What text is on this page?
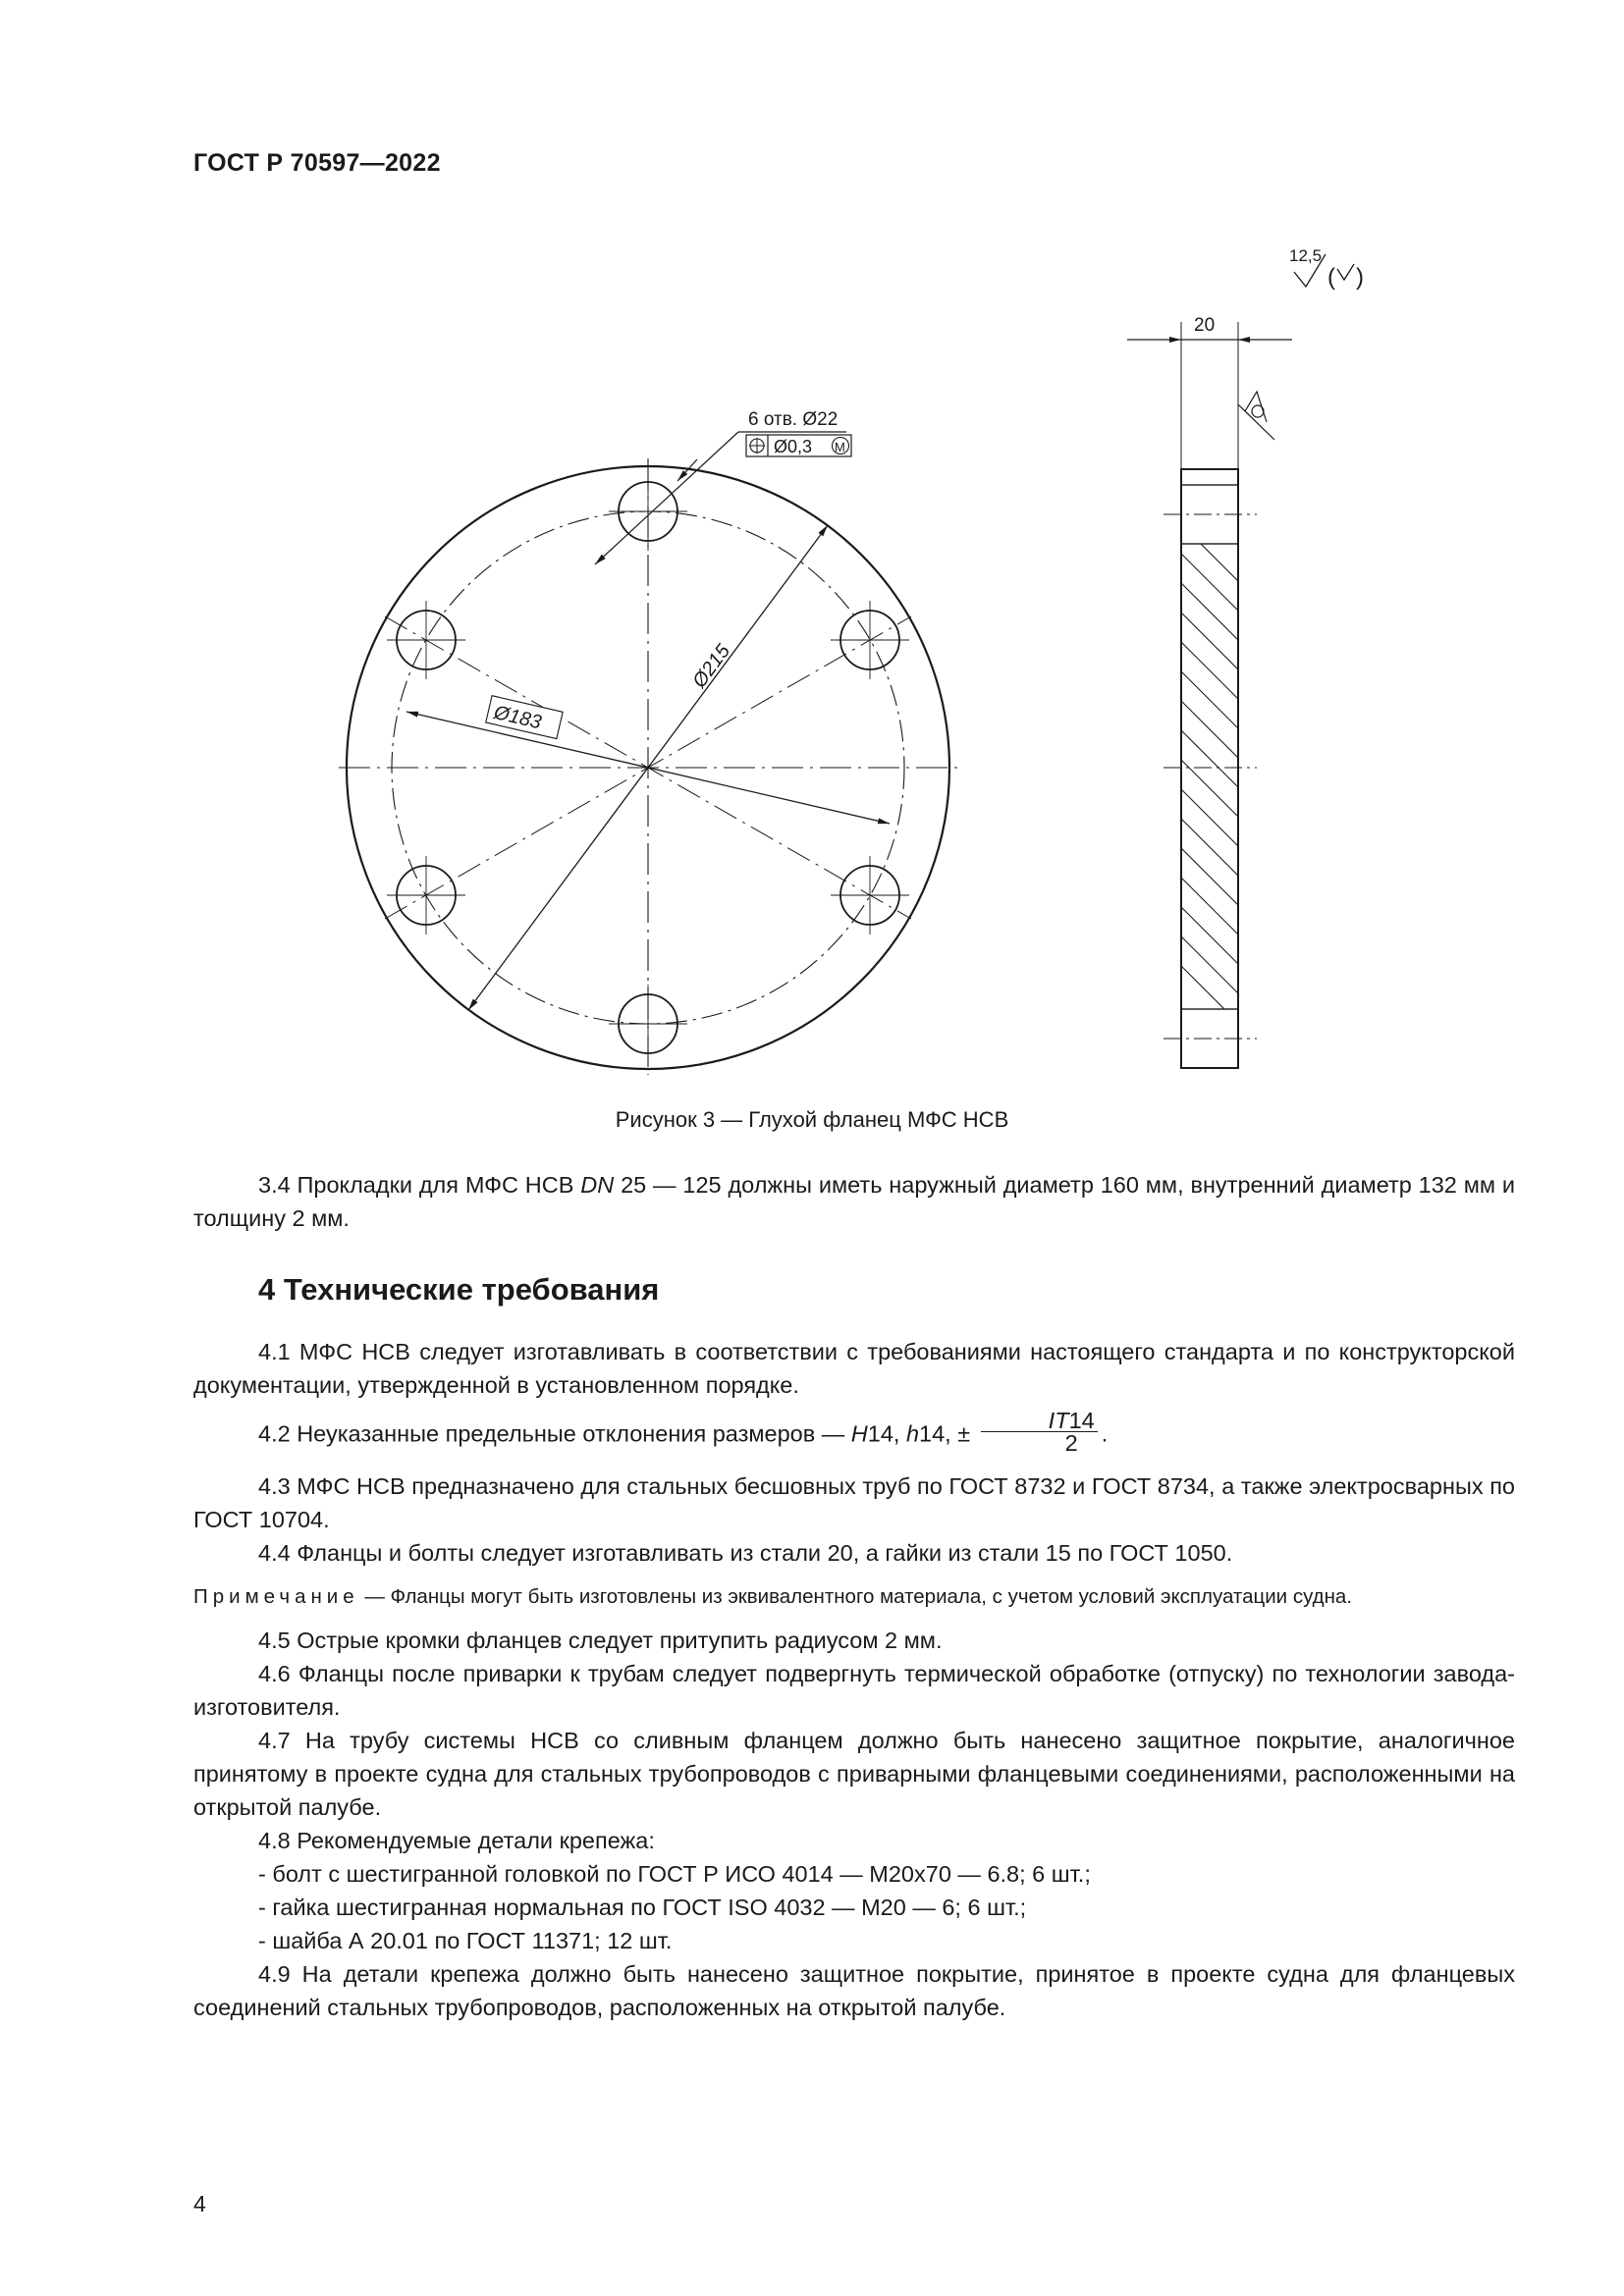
ГОСТ Р 70597—2022
6 отв. Ø22
Ø0,3 M
Ø183
Ø215
20
12,5
( )
Рисунок 3 — Глухой фланец МФС НСВ

3.4 Прокладки для МФС НСВ DN 25 — 125 должны иметь наружный диаметр 160 мм, внутренний диаметр 132 мм и толщину 2 мм.

4 Технические требования

4.1 МФС НСВ следует изготавливать в соответствии с требованиями настоящего стандарта и по конструкторской документации, утвержденной в установленном порядке.

4.2 Неуказанные предельные отклонения размеров — H14, h14, ± $\frac{IT14}{2}$ .

4.3 МФС НСВ предназначено для стальных бесшовных труб по ГОСТ 8732 и ГОСТ 8734, а также электросварных по ГОСТ 10704.

4.4 Фланцы и болты следует изготавливать из стали 20, а гайки из стали 15 по ГОСТ 1050.

Примечание — Фланцы могут быть изготовлены из эквивалентного материала, с учетом условий эксплуатации судна.

4.5 Острые кромки фланцев следует притупить радиусом 2 мм.

4.6 Фланцы после приварки к трубам следует подвергнуть термической обработке (отпуску) по технологии завода-изготовителя.

4.7 На трубу системы НСВ со сливным фланцем должно быть нанесено защитное покрытие, аналогичное принятому в проекте судна для стальных трубопроводов с приварными фланцевыми соединениями, расположенными на открытой палубе.

4.8 Рекомендуемые детали крепежа:

- болт с шестигранной головкой по ГОСТ Р ИСО 4014 — М20х70 — 6.8; 6 шт.;

- гайка шестигранная нормальная по ГОСТ ISO 4032 — М20 — 6; 6 шт.;

- шайба А 20.01 по ГОСТ 11371; 12 шт.

4.9 На детали крепежа должно быть нанесено защитное покрытие, принятое в проекте судна для фланцевых соединений стальных трубопроводов, расположенных на открытой палубе.

4
